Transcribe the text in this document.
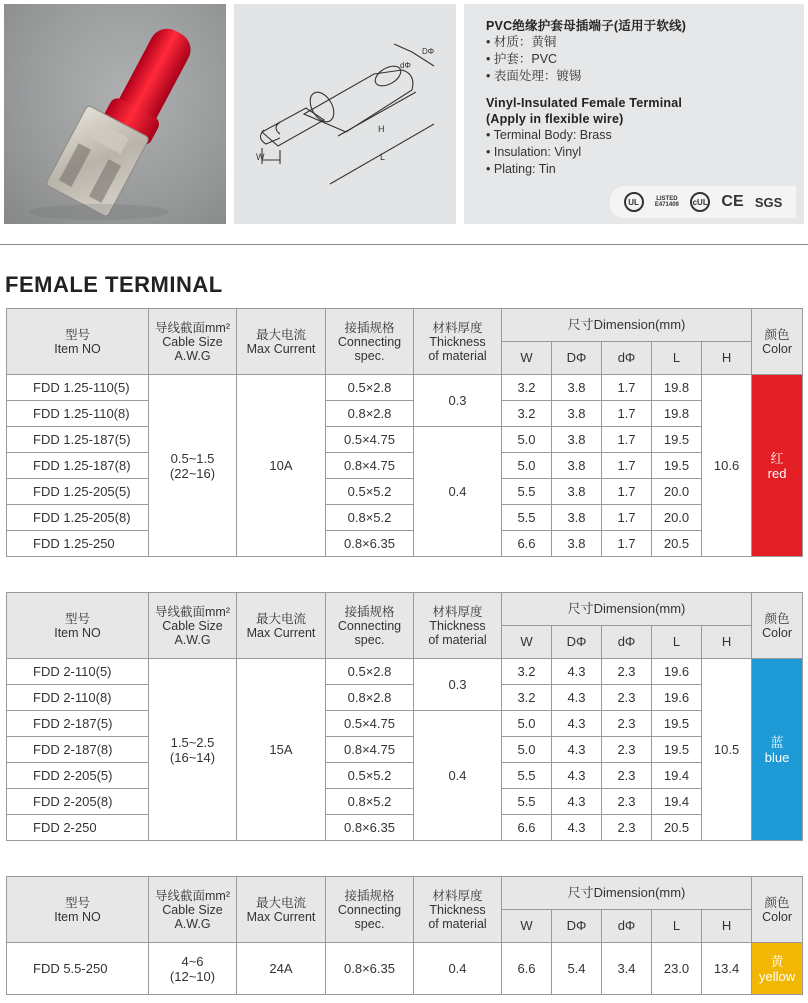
DΦ
dΦ
H
L
W
PVC绝缘护套母插端子(适用于软线)
• 材质：黄铜
• 护套：PVC
• 表面处理：镀锡
Vinyl-Insulated Female Terminal
(Apply in flexible wire)
• Terminal Body: Brass
• Insulation: Vinyl
• Plating: Tin
UL	LISTED
E471409	cUL CE SGS
FEMALE TERMINAL
型号
Item NO	导线截面mm²
Cable Size
A.W.G	最大电流
Max Current	接插规格
Connecting
spec.	材料厚度
Thickness
of material	尺寸Dimension(mm)					颜色
Color

					W	DΦ	dΦ	L	H	
FDD 1.25-110(5)	0.5~1.5
(22~16)	10A	0.5×2.8	0.3	3.2	3.8	1.7	19.8	10.6	红
red

FDD 1.25-110(8)			0.8×2.8		3.2	3.8	1.7	19.8		
FDD 1.25-187(5)			0.5×4.75	0.4	5.0	3.8	1.7	19.5		
FDD 1.25-187(8)			0.8×4.75		5.0	3.8	1.7	19.5		
FDD 1.25-205(5)			0.5×5.2		5.5	3.8	1.7	20.0		
FDD 1.25-205(8)			0.8×5.2		5.5	3.8	1.7	20.0		
FDD 1.25-250			0.8×6.35		6.6	3.8	1.7	20.5		
型号
Item NO	导线截面mm²
Cable Size
A.W.G	最大电流
Max Current	接插规格
Connecting
spec.	材料厚度
Thickness
of material	尺寸Dimension(mm)					颜色
Color

					W	DΦ	dΦ	L	H	
FDD 2-110(5)	1.5~2.5
(16~14)	15A	0.5×2.8	0.3	3.2	4.3	2.3	19.6	10.5	蓝
blue

FDD 2-110(8)			0.8×2.8		3.2	4.3	2.3	19.6		
FDD 2-187(5)			0.5×4.75	0.4	5.0	4.3	2.3	19.5		
FDD 2-187(8)			0.8×4.75		5.0	4.3	2.3	19.5		
FDD 2-205(5)			0.5×5.2		5.5	4.3	2.3	19.4		
FDD 2-205(8)			0.8×5.2		5.5	4.3	2.3	19.4		
FDD 2-250			0.8×6.35		6.6	4.3	2.3	20.5		
型号
Item NO	导线截面mm²
Cable Size
A.W.G	最大电流
Max Current	接插规格
Connecting
spec.	材料厚度
Thickness
of material	尺寸Dimension(mm)					颜色
Color

					W	DΦ	dΦ	L	H	
FDD 5.5-250	4~6
(12~10)	24A	0.8×6.35	0.4	6.6	5.4	3.4	23.0	13.4	黄
yellow
